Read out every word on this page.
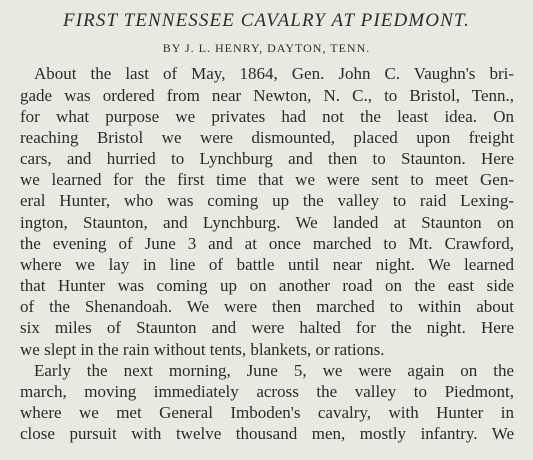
FIRST TENNESSEE CAVALRY AT PIEDMONT.
BY J. L. HENRY, DAYTON, TENN.
About the last of May, 1864, Gen. John C. Vaughn's bri-
gade was ordered from near Newton, N. C., to Bristol, Tenn.,
for what purpose we privates had not the least idea. On
reaching Bristol we were dismounted, placed upon freight
cars, and hurried to Lynchburg and then to Staunton. Here
we learned for the first time that we were sent to meet Gen-
eral Hunter, who was coming up the valley to raid Lexing-
ington, Staunton, and Lynchburg. We landed at Staunton on
the evening of June 3 and at once marched to Mt. Crawford,
where we lay in line of battle until near night. We learned
that Hunter was coming up on another road on the east side
of the Shenandoah. We were then marched to within about
six miles of Staunton and were halted for the night. Here
we slept in the rain without tents, blankets, or rations.
Early the next morning, June 5, we were again on the
march, moving immediately across the valley to Piedmont,
where we met General Imboden's cavalry, with Hunter in
close pursuit with twelve thousand men, mostly infantry. We
